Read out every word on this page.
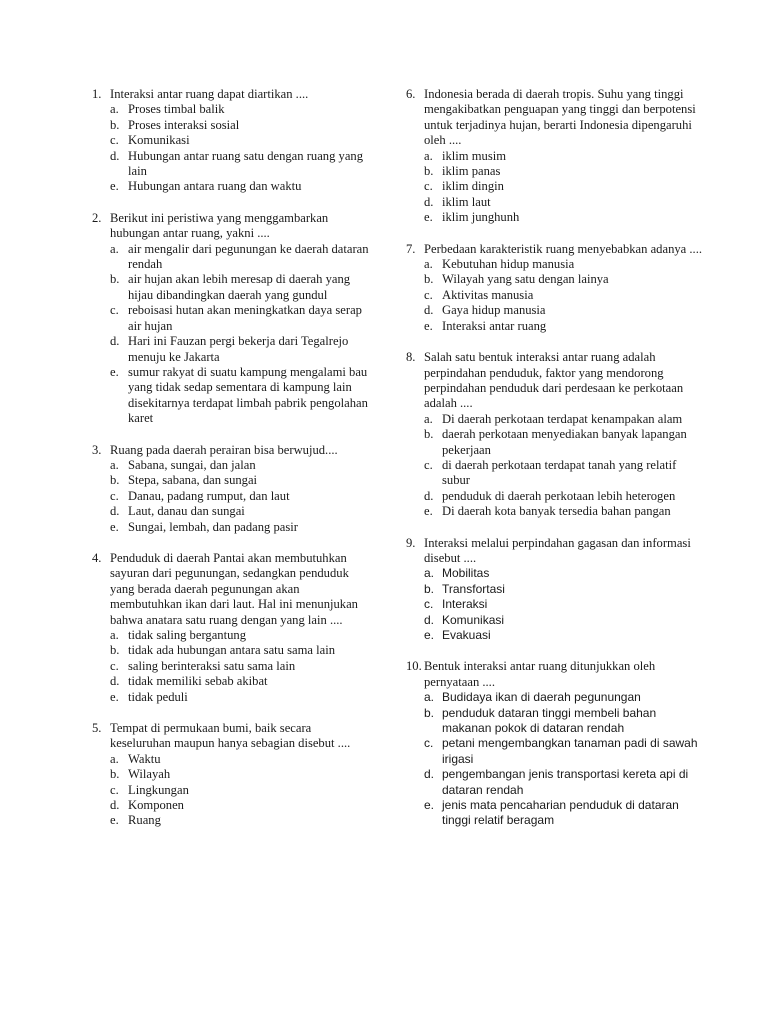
1. Interaksi antar ruang dapat diartikan ....
a. Proses timbal balik
b. Proses interaksi sosial
c. Komunikasi
d. Hubungan antar ruang satu dengan ruang yang lain
e. Hubungan antara ruang dan waktu
2. Berikut ini peristiwa yang menggambarkan hubungan antar ruang, yakni ....
a. air mengalir dari pegunungan ke daerah dataran rendah
b. air hujan akan lebih meresap di daerah yang hijau dibandingkan daerah yang gundul
c. reboisasi hutan akan meningkatkan daya serap air hujan
d. Hari ini Fauzan pergi bekerja dari Tegalrejo menuju ke Jakarta
e. sumur rakyat di suatu kampung mengalami bau yang tidak sedap sementara di kampung lain disekitarnya terdapat limbah pabrik pengolahan karet
3. Ruang pada daerah perairan bisa berwujud....
a. Sabana, sungai, dan jalan
b. Stepa, sabana, dan sungai
c. Danau, padang rumput, dan laut
d. Laut, danau dan sungai
e. Sungai, lembah, dan padang pasir
4. Penduduk di daerah Pantai akan membutuhkan sayuran dari pegunungan, sedangkan penduduk yang berada daerah pegunungan akan membutuhkan ikan dari laut. Hal ini menunjukan bahwa anatara satu ruang dengan yang lain ....
a. tidak saling bergantung
b. tidak ada hubungan antara satu sama lain
c. saling berinteraksi satu sama lain
d. tidak memiliki sebab akibat
e. tidak peduli
5. Tempat di permukaan bumi, baik secara keseluruhan maupun hanya sebagian disebut ....
a. Waktu
b. Wilayah
c. Lingkungan
d. Komponen
e. Ruang
6. Indonesia berada di daerah tropis. Suhu yang tinggi mengakibatkan penguapan yang tinggi dan berpotensi untuk terjadinya hujan, berarti Indonesia dipengaruhi oleh ....
a. iklim musim
b. iklim panas
c. iklim dingin
d. iklim laut
e. iklim junghunh
7. Perbedaan karakteristik ruang menyebabkan adanya ....
a. Kebutuhan hidup manusia
b. Wilayah yang satu dengan lainya
c. Aktivitas manusia
d. Gaya hidup manusia
e. Interaksi antar ruang
8. Salah satu bentuk interaksi antar ruang adalah perpindahan penduduk, faktor yang mendorong perpindahan penduduk dari perdesaan ke perkotaan adalah ....
a. Di daerah perkotaan terdapat kenampakan alam
b. daerah perkotaan menyediakan banyak lapangan pekerjaan
c. di daerah perkotaan terdapat tanah yang relatif subur
d. penduduk di daerah perkotaan lebih heterogen
e. Di daerah kota banyak tersedia bahan pangan
9. Interaksi melalui perpindahan gagasan dan informasi disebut ....
a. Mobilitas
b. Transfortasi
c. Interaksi
d. Komunikasi
e. Evakuasi
10. Bentuk interaksi antar ruang ditunjukkan oleh pernyataan ....
a. Budidaya ikan di daerah pegunungan
b. penduduk dataran tinggi membeli bahan makanan pokok di dataran rendah
c. petani mengembangkan tanaman padi di sawah irigasi
d. pengembangan jenis transportasi kereta api di dataran rendah
e. jenis mata pencaharian penduduk di dataran tinggi relatif beragam
